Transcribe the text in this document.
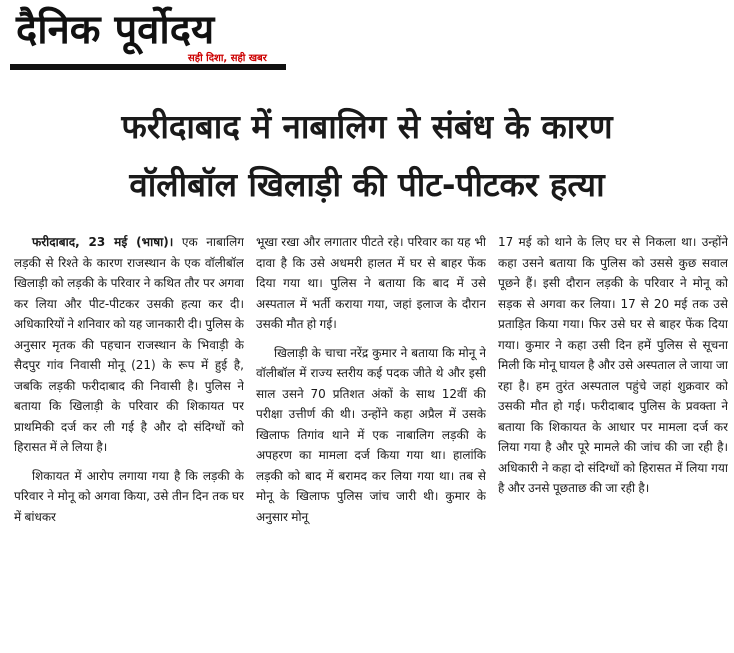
दैनिक पूर्वोदय
सही दिशा, सही खबर
फरीदाबाद में नाबालिग से संबंध के कारण
वॉलीबॉल खिलाड़ी की पीट-पीटकर हत्या

फरीदाबाद, 23 मई (भाषा)। एक नाबालिग लड़की से रिश्ते के कारण राजस्थान के एक वॉलीबॉल खिलाड़ी को लड़की के परिवार ने कथित तौर पर अगवा कर लिया और पीट-पीटकर उसकी हत्या कर दी। अधिकारियों ने शनिवार को यह जानकारी दी। पुलिस के अनुसार मृतक की पहचान राजस्थान के भिवाड़ी के सैदपुर गांव निवासी मोनू (21) के रूप में हुई है, जबकि लड़की फरीदाबाद की निवासी है। पुलिस ने बताया कि खिलाड़ी के परिवार की शिकायत पर प्राथमिकी दर्ज कर ली गई है और दो संदिग्धों को हिरासत में ले लिया है।

शिकायत में आरोप लगाया गया है कि लड़की के परिवार ने मोनू को अगवा किया, उसे तीन दिन तक घर में बांधकर

भूखा रखा और लगातार पीटते रहे। परिवार का यह भी दावा है कि उसे अधमरी हालत में घर से बाहर फेंक दिया गया था। पुलिस ने बताया कि बाद में उसे अस्पताल में भर्ती कराया गया, जहां इलाज के दौरान उसकी मौत हो गई।

खिलाड़ी के चाचा नरेंद्र कुमार ने बताया कि मोनू ने वॉलीबॉल में राज्य स्तरीय कई पदक जीते थे और इसी साल उसने 70 प्रतिशत अंकों के साथ 12वीं की परीक्षा उत्तीर्ण की थी। उन्होंने कहा अप्रैल में उसके खिलाफ तिगांव थाने में एक नाबालिग लड़की के अपहरण का मामला दर्ज किया गया था। हालांकि लड़की को बाद में बरामद कर लिया गया था। तब से मोनू के खिलाफ पुलिस जांच जारी थी। कुमार के अनुसार मोनू

17 मई को थाने के लिए घर से निकला था। उन्होंने कहा उसने बताया कि पुलिस को उससे कुछ सवाल पूछने हैं। इसी दौरान लड़की के परिवार ने मोनू को सड़क से अगवा कर लिया। 17 से 20 मई तक उसे प्रताड़ित किया गया। फिर उसे घर से बाहर फेंक दिया गया। कुमार ने कहा उसी दिन हमें पुलिस से सूचना मिली कि मोनू घायल है और उसे अस्पताल ले जाया जा रहा है। हम तुरंत अस्पताल पहुंचे जहां शुक्रवार को उसकी मौत हो गई। फरीदाबाद पुलिस के प्रवक्ता ने बताया कि शिकायत के आधार पर मामला दर्ज कर लिया गया है और पूरे मामले की जांच की जा रही है। अधिकारी ने कहा दो संदिग्धों को हिरासत में लिया गया है और उनसे पूछताछ की जा रही है।
